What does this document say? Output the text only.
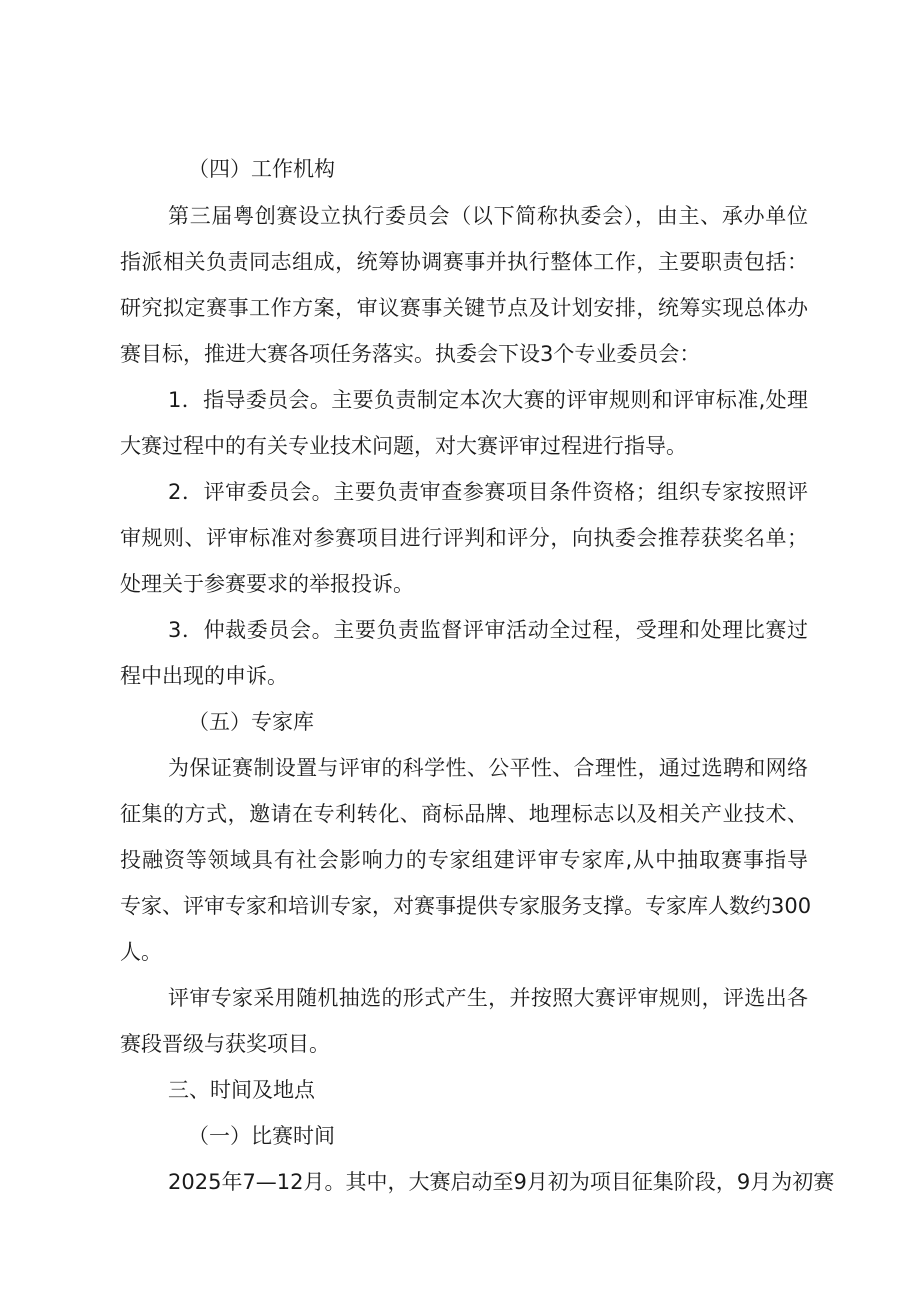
（四）工作机构
第三届粤创赛设立执行委员会（以下简称执委会），由主、承办单位
指派相关负责同志组成，统筹协调赛事并执行整体工作，主要职责包括：
研究拟定赛事工作方案，审议赛事关键节点及计划安排，统筹实现总体办
赛目标，推进大赛各项任务落实。执委会下设3个专业委员会：
1．指导委员会。主要负责制定本次大赛的评审规则和评审标准,处理
大赛过程中的有关专业技术问题，对大赛评审过程进行指导。
2．评审委员会。主要负责审查参赛项目条件资格；组织专家按照评
审规则、评审标准对参赛项目进行评判和评分，向执委会推荐获奖名单；
处理关于参赛要求的举报投诉。
3．仲裁委员会。主要负责监督评审活动全过程，受理和处理比赛过
程中出现的申诉。
（五）专家库
为保证赛制设置与评审的科学性、公平性、合理性，通过选聘和网络
征集的方式，邀请在专利转化、商标品牌、地理标志以及相关产业技术、
投融资等领域具有社会影响力的专家组建评审专家库,从中抽取赛事指导
专家、评审专家和培训专家，对赛事提供专家服务支撑。专家库人数约300
人。
评审专家采用随机抽选的形式产生，并按照大赛评审规则，评选出各
赛段晋级与获奖项目。
三、时间及地点
（一）比赛时间
2025年7—12月。其中，大赛启动至9月初为项目征集阶段，9月为初赛
